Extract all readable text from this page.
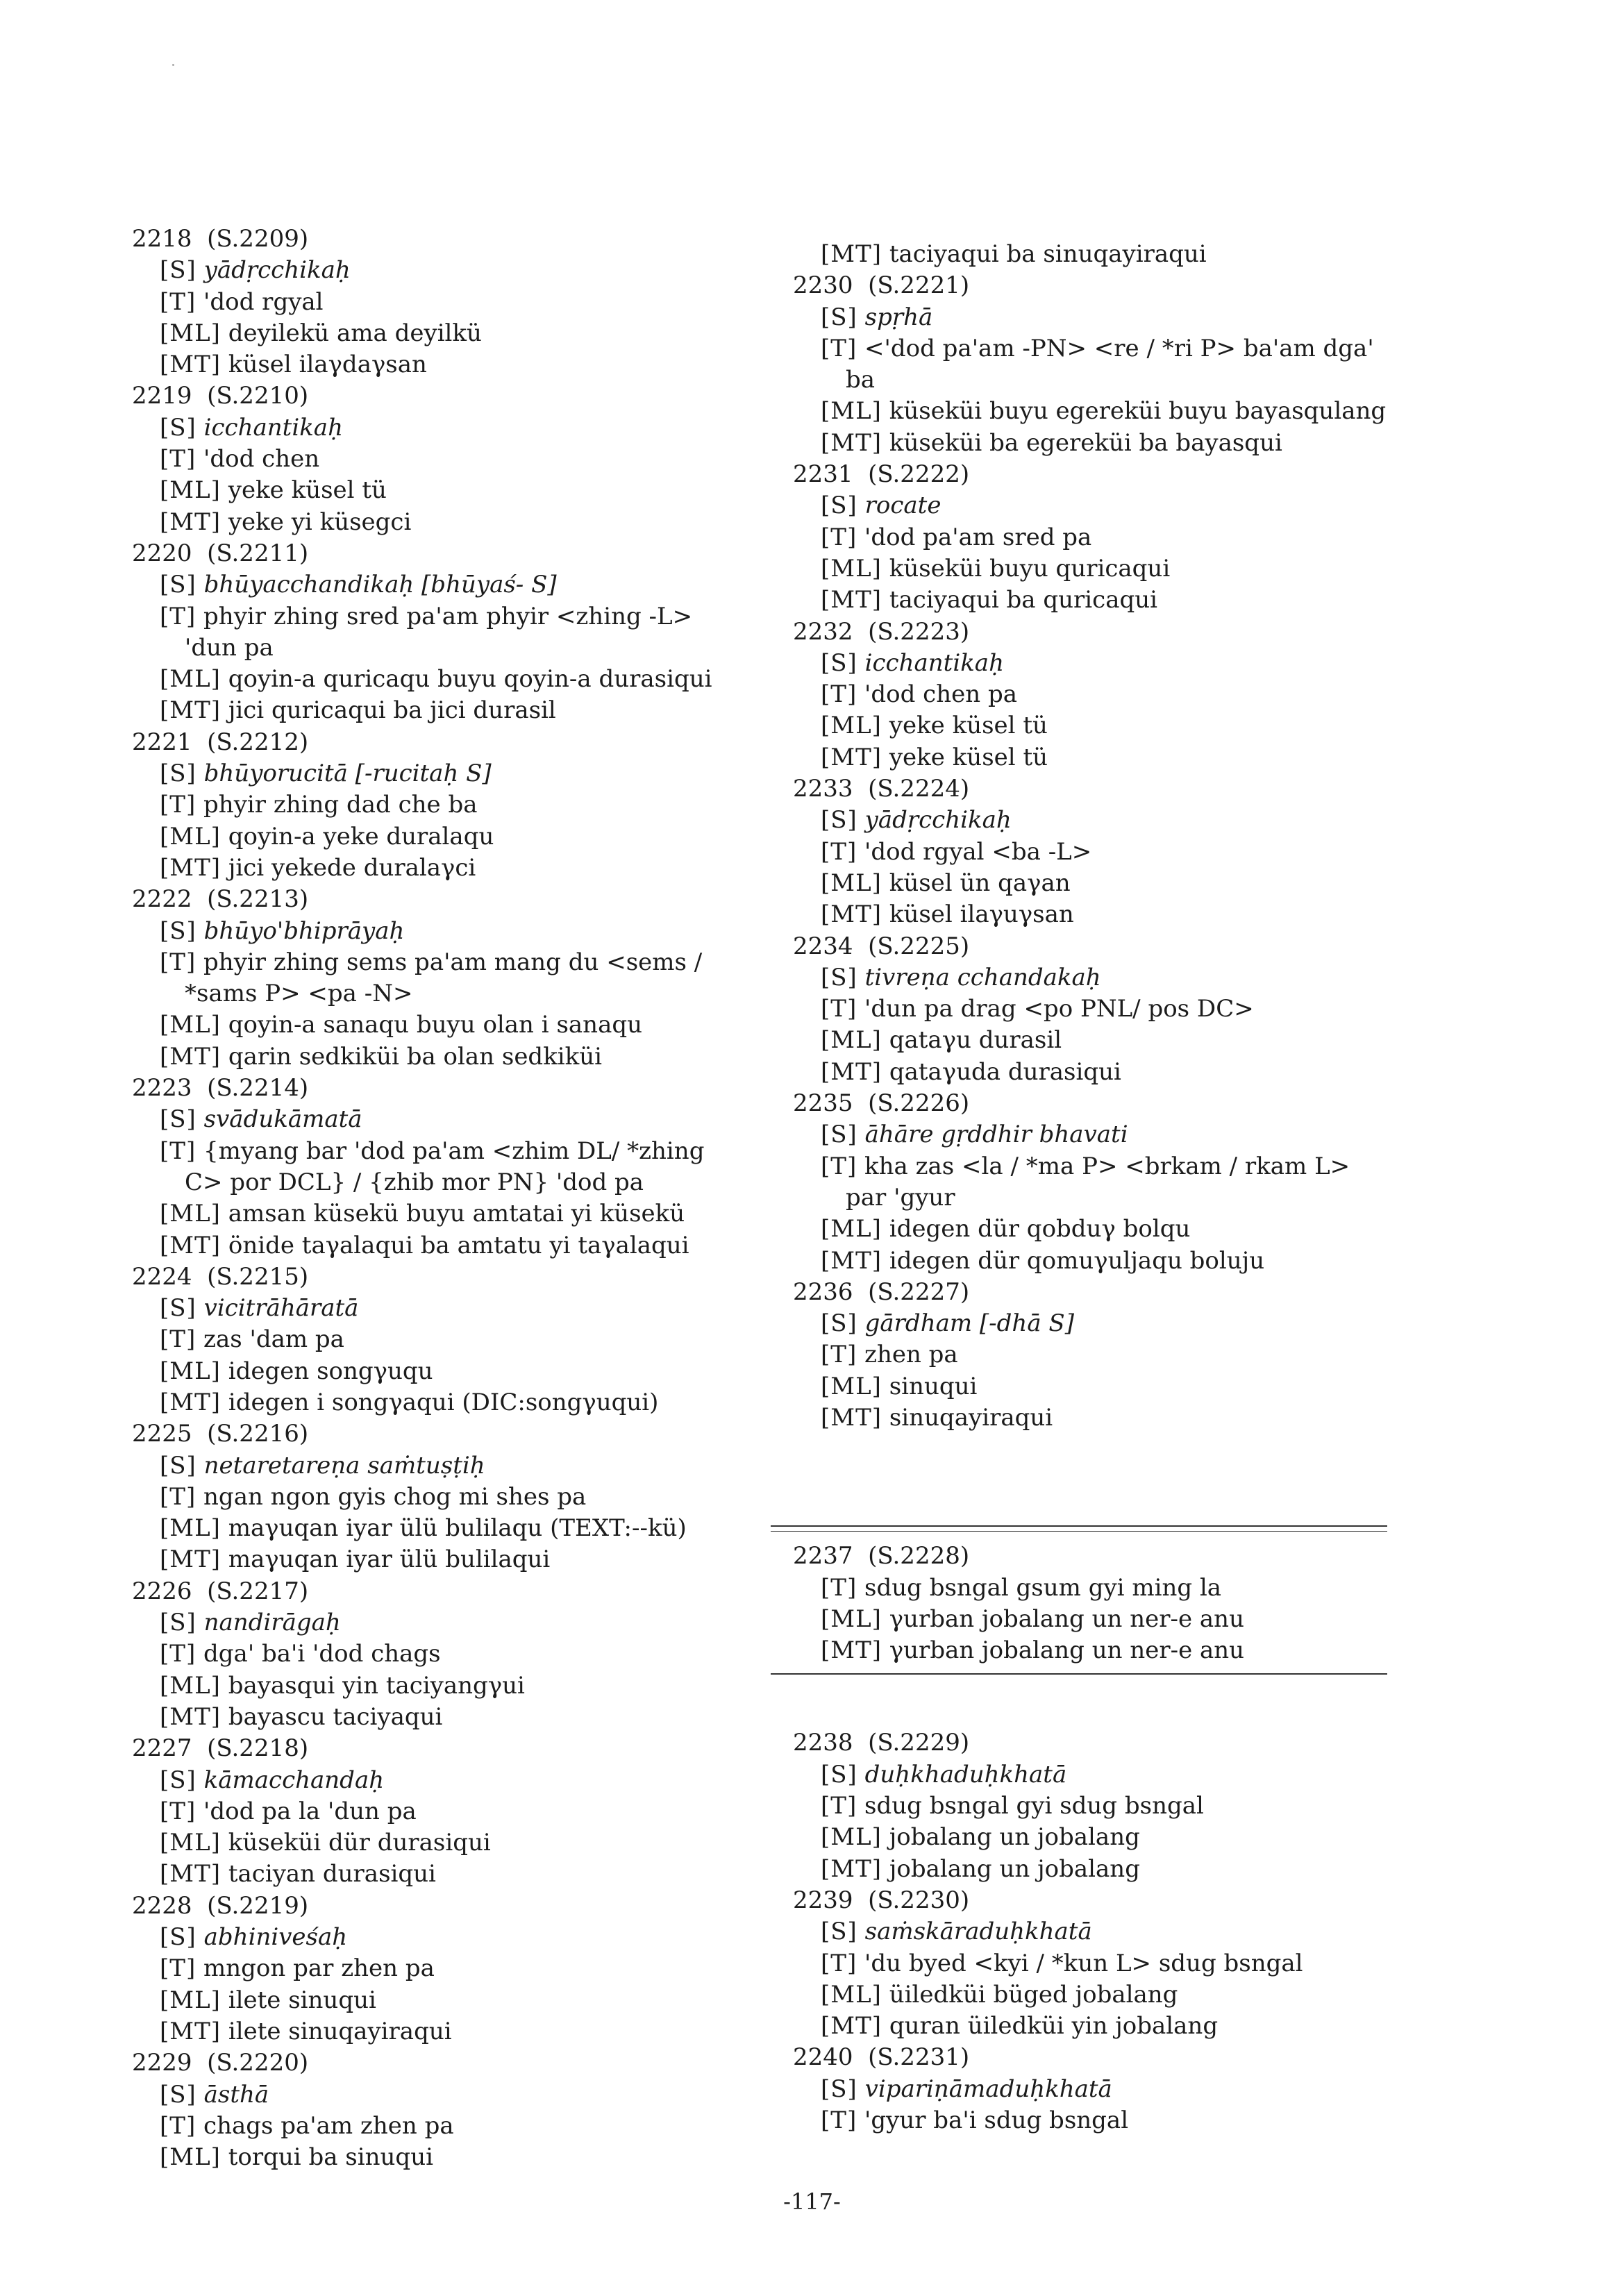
2218 (S.2209)
[S] yādṛcchikaḥ
[T] 'dod rgyal
[ML] deyilekü ama deyilkü
[MT] küsel ilaγdaγsan
2219 (S.2210)
[S] icchantikaḥ
[T] 'dod chen
[ML] yeke küsel tü
[MT] yeke yi küsegci
2220 (S.2211)
[S] bhūyacchandikaḥ [bhūyaś- S]
[T] phyir zhing sred pa'am phyir <zhing -L>
'dun pa
[ML] qoyin-a quricaqu buyu qoyin-a durasiqui
[MT] jici quricaqui ba jici durasil
2221 (S.2212)
[S] bhūyorucitā [-rucitaḥ S]
[T] phyir zhing dad che ba
[ML] qoyin-a yeke duralaqu
[MT] jici yekede duralaγci
2222 (S.2213)
[S] bhūyo'bhiprāyaḥ
[T] phyir zhing sems pa'am mang du <sems /
*sams P> <pa -N>
[ML] qoyin-a sanaqu buyu olan i sanaqu
[MT] qarin sedkiküi ba olan sedkiküi
2223 (S.2214)
[S] svādukāmatā
[T] {myang bar 'dod pa'am <zhim DL/ *zhing
C> por DCL} / {zhib mor PN} 'dod pa
[ML] amsan küsekü buyu amtatai yi küsekü
[MT] önide taγalaqui ba amtatu yi taγalaqui
2224 (S.2215)
[S] vicitrāhāratā
[T] zas 'dam pa
[ML] idegen songγuqu
[MT] idegen i songγaqui (DIC:songγuqui)
2225 (S.2216)
[S] netaretareṇa saṁtuṣṭiḥ
[T] ngan ngon gyis chog mi shes pa
[ML] maγuqan iyar ülü bulilaqu (TEXT:--kü)
[MT] maγuqan iyar ülü bulilaqui
2226 (S.2217)
[S] nandirāgaḥ
[T] dga' ba'i 'dod chags
[ML] bayasqui yin taciyangγui
[MT] bayascu taciyaqui
2227 (S.2218)
[S] kāmacchandaḥ
[T] 'dod pa la 'dun pa
[ML] küseküi dür durasiqui
[MT] taciyan durasiqui
2228 (S.2219)
[S] abhiniveśaḥ
[T] mngon par zhen pa
[ML] ilete sinuqui
[MT] ilete sinuqayiraqui
2229 (S.2220)
[S] āsthā
[T] chags pa'am zhen pa
[ML] torqui ba sinuqui
[MT] taciyaqui ba sinuqayiraqui
2230 (S.2221)
[S] spṛhā
[T] <'dod pa'am -PN> <re / *ri P> ba'am dga'
ba
[ML] küseküi buyu egereküi buyu bayasqulang
[MT] küseküi ba egereküi ba bayasqui
2231 (S.2222)
[S] rocate
[T] 'dod pa'am sred pa
[ML] küseküi buyu quricaqui
[MT] taciyaqui ba quricaqui
2232 (S.2223)
[S] icchantikaḥ
[T] 'dod chen pa
[ML] yeke küsel tü
[MT] yeke küsel tü
2233 (S.2224)
[S] yādṛcchikaḥ
[T] 'dod rgyal <ba -L>
[ML] küsel ün qaγan
[MT] küsel ilaγuγsan
2234 (S.2225)
[S] tivreṇa cchandakaḥ
[T] 'dun pa drag <po PNL/ pos DC>
[ML] qataγu durasil
[MT] qataγuda durasiqui
2235 (S.2226)
[S] āhāre gṛddhir bhavati
[T] kha zas <la / *ma P> <brkam / rkam L>
par 'gyur
[ML] idegen dür qobduγ bolqu
[MT] idegen dür qomuγuljaqu boluju
2236 (S.2227)
[S] gārdham [-dhā S]
[T] zhen pa
[ML] sinuqui
[MT] sinuqayiraqui
2237 (S.2228)
[T] sdug bsngal gsum gyi ming la
[ML] γurban jobalang un ner-e anu
[MT] γurban jobalang un ner-e anu
2238 (S.2229)
[S] duḥkhaduḥkhatā
[T] sdug bsngal gyi sdug bsngal
[ML] jobalang un jobalang
[MT] jobalang un jobalang
2239 (S.2230)
[S] saṁskāraduḥkhatā
[T] 'du byed <kyi / *kun L> sdug bsngal
[ML] üiledküi büged jobalang
[MT] quran üiledküi yin jobalang
2240 (S.2231)
[S] vipariṇāmaduḥkhatā
[T] 'gyur ba'i sdug bsngal
-117-
